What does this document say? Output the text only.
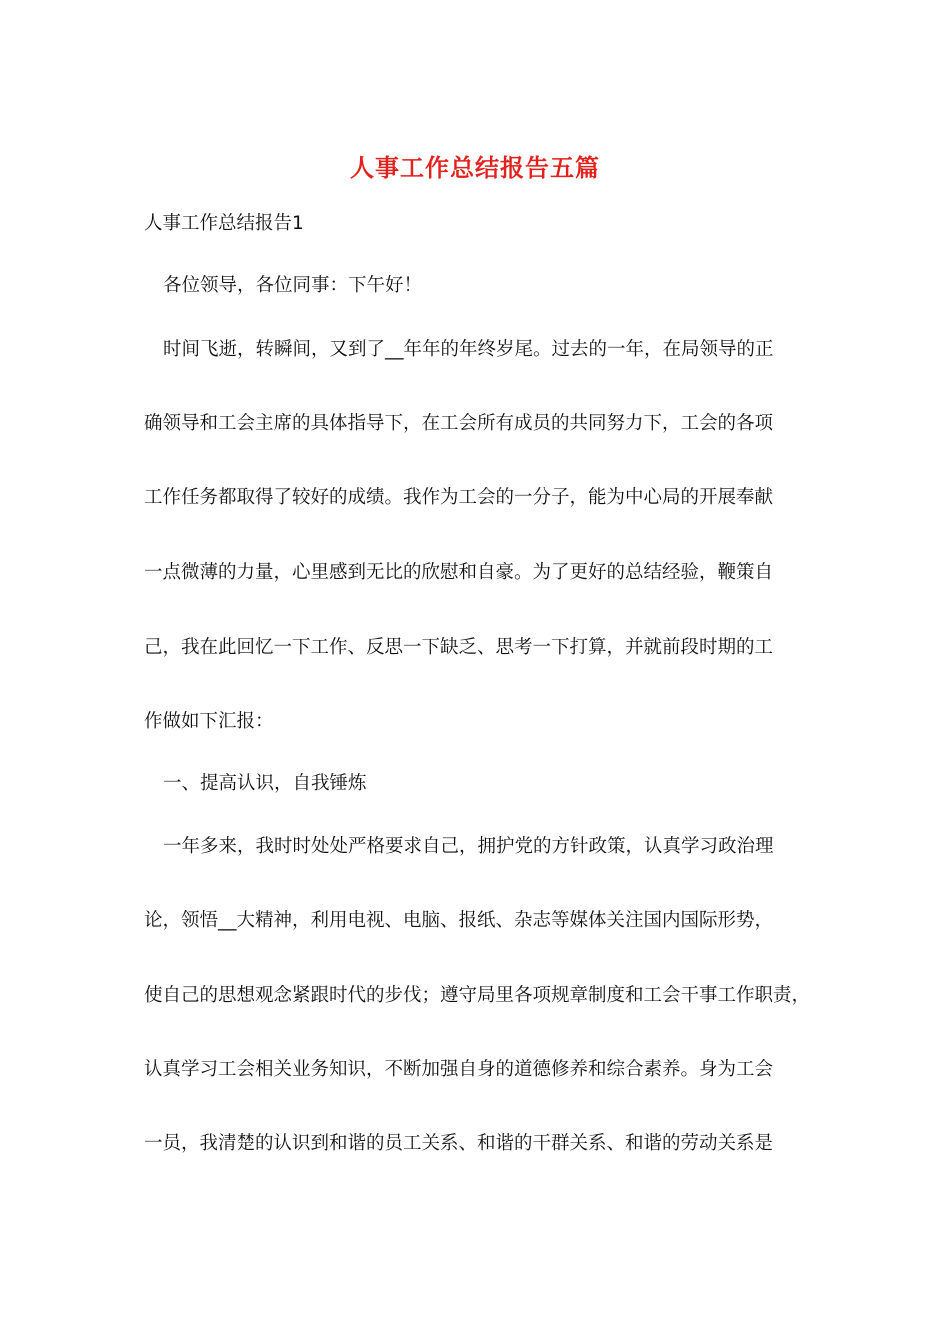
人事工作总结报告五篇

人事工作总结报告1

各位领导，各位同事：下午好！

时间飞逝，转瞬间，又到了__年年的年终岁尾。过去的一年，在局领导的正

确领导和工会主席的具体指导下，在工会所有成员的共同努力下，工会的各项

工作任务都取得了较好的成绩。我作为工会的一分子，能为中心局的开展奉献

一点微薄的力量，心里感到无比的欣慰和自豪。为了更好的总结经验，鞭策自

己，我在此回忆一下工作、反思一下缺乏、思考一下打算，并就前段时期的工

作做如下汇报：

一、提高认识，自我锤炼

一年多来，我时时处处严格要求自己，拥护党的方针政策，认真学习政治理

论，领悟__大精神，利用电视、电脑、报纸、杂志等媒体关注国内国际形势，

使自己的思想观念紧跟时代的步伐；遵守局里各项规章制度和工会干事工作职责，

认真学习工会相关业务知识，不断加强自身的道德修养和综合素养。身为工会

一员，我清楚的认识到和谐的员工关系、和谐的干群关系、和谐的劳动关系是
